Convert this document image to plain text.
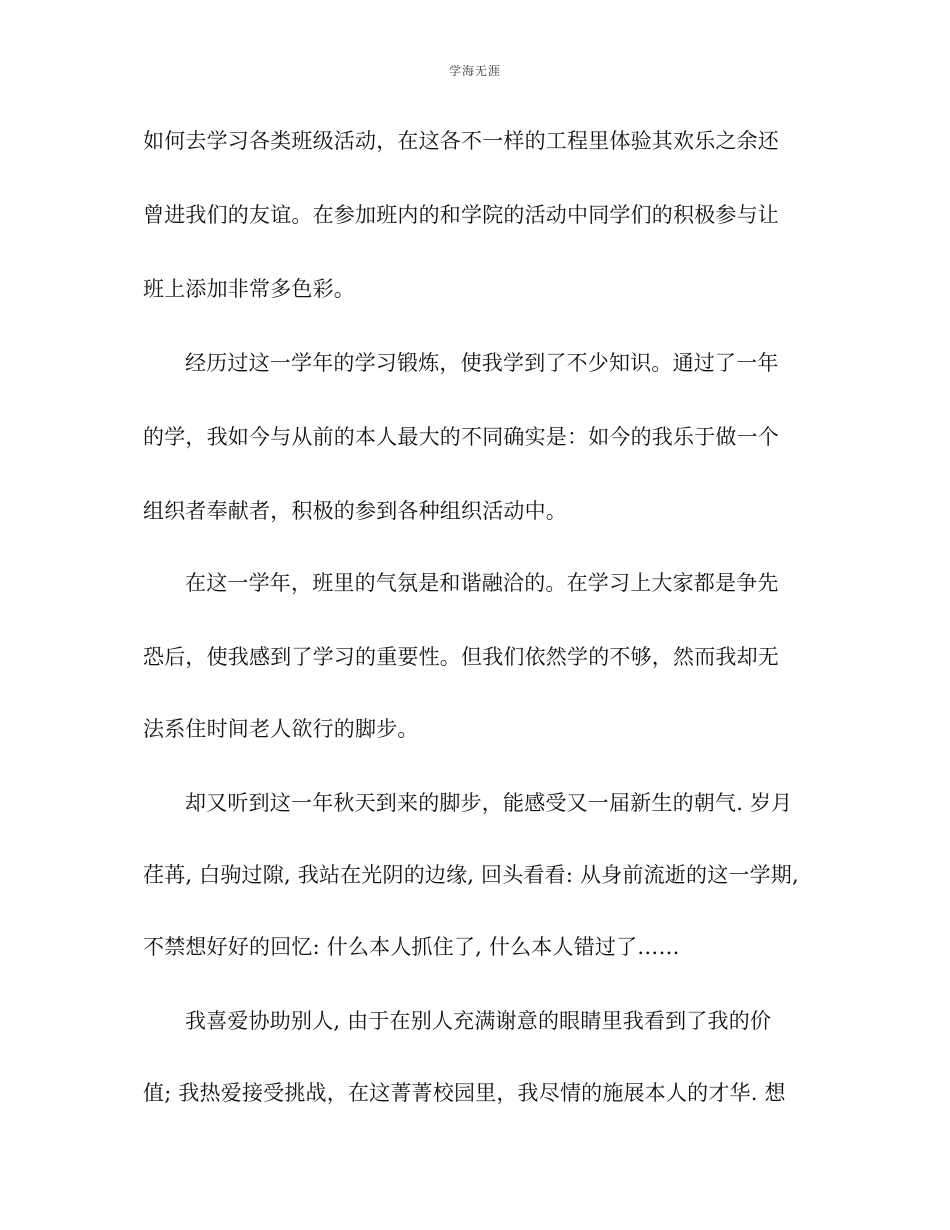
学海无涯
如何去学习各类班级活动，在这各不一样的工程里体验其欢乐之余还
曾进我们的友谊。在参加班内的和学院的活动中同学们的积极参与让
班上添加非常多色彩。
经历过这一学年的学习锻炼，使我学到了不少知识。通过了一年
的学，我如今与从前的本人最大的不同确实是：如今的我乐于做一个
组织者奉献者，积极的参到各种组织活动中。
在这一学年，班里的气氛是和谐融洽的。在学习上大家都是争先
恐后，使我感到了学习的重要性。但我们依然学的不够，然而我却无
法系住时间老人欲行的脚步。
却又听到这一年秋天到来的脚步，能感受又一届新生的朝气. 岁月
荏苒, 白驹过隙, 我站在光阴的边缘, 回头看看: 从身前流逝的这一学期,
不禁想好好的回忆: 什么本人抓住了, 什么本人错过了……
我喜爱协助别人, 由于在别人充满谢意的眼睛里我看到了我的价
值; 我热爱接受挑战，在这菁菁校园里，我尽情的施展本人的才华. 想
